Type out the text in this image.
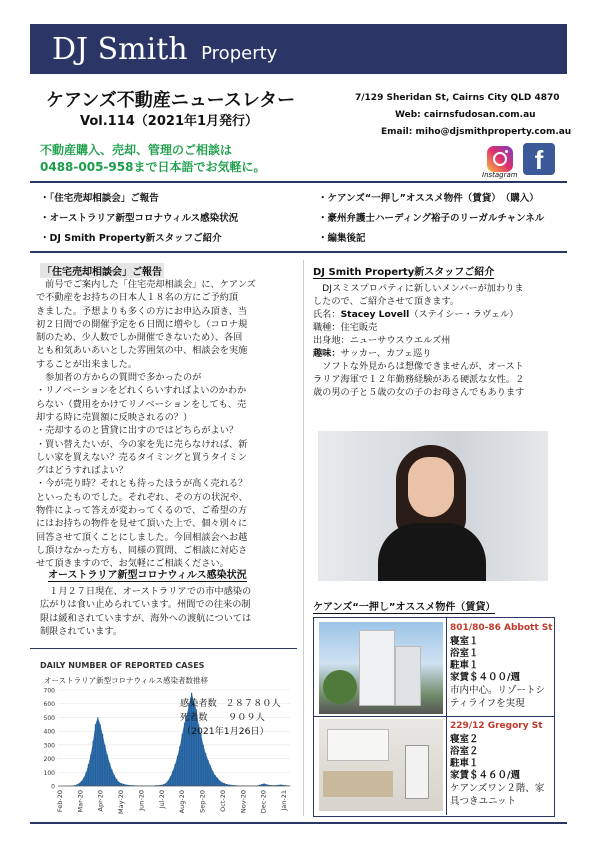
DJ Smith Property
ケアンズ不動産ニュースレター
Vol.114（2021年1月発行）
7/129 Sheridan St, Cairns City QLD 4870
Web: cairnsfudosan.com.au
Email: miho@djsmithproperty.com.au
不動産購入、売却、管理のご相談は
0488-005-958まで日本語でお気軽に。
Instagram f
・「住宅売却相談会」ご報告
・オーストラリア新型コロナウィルス感染状況
・DJ Smith Property新スタッフご紹介
・ケアンズ“一押し”オススメ物件（賃貸）　（購入）
・豪州弁護士ハーディング裕子のリーガルチャンネル
・編集後記
「住宅売却相談会」ご報告

　前号でご案内した「住宅売却相談会」に、ケアンズ

で不動産をお持ちの日本人１８名の方にご予約頂

きました。予想よりも多くの方にお申込み頂き、当

初２日間での開催予定を６日間に増やし（コロナ規

制のため、少人数でしか開催できないため）、各回

とも和気あいあいとした雰囲気の中、相談会を実施

することが出来ました。

　参加者の方からの質問で多かったのが

・リノベーションをどれくらいすればよいのかわか

らない（費用をかけてリノベーションをしても、売

却する時に売買額に反映されるの？）

・売却するのと賃貸に出すのではどちらがよい？

・買い替えたいが、今の家を先に売らなければ、新

しい家を買えない？売るタイミングと買うタイミン

グはどうすればよい？

・今が売り時？それとも待ったほうが高く売れる？

といったものでした。それぞれ、その方の状況や、

物件によって答えが変わってくるので、ご希望の方

にはお持ちの物件を見せて頂いた上で、個々別々に

回答させて頂くことにしました。今回相談会へお越

し頂けなかった方も、同様の質問、ご相談に対応さ

せて頂きますので、お気軽にご相談ください。

オーストラリア新型コロナウィルス感染状況

　１月２７日現在、オーストラリアでの市中感染の

広がりは食い止められています。州間での往来の制

限は緩和されていますが、海外への渡航については

制限されています。

DAILY NUMBER OF REPORTED CASES
オーストラリア新型コロナウィルス感染者数推移
0
100
200
300
400
500
600
700
Feb-20 Mar-20 Apr-20 May-20 Jun-20 Jul-20 Aug-20 Sep-20 Oct-20 Nov-20 Dec-20 Jan-21
感染者数 ２８７８０人
死者数 ９０９人
（2021年1月26日）
DJ Smith Property新スタッフご紹介
　DJスミスプロパティに新しいメンバーが加わりま
したので、ご紹介させて頂きます。
氏名：Stacey Lovell（ステイシー・ラヴェル）
職種：住宅販売
出身地：ニューサウスウエルズ州
趣味：サッカー、カフェ巡り
　ソフトな外見からは想像できませんが、オースト
ラリア海軍で１２年勤務経験がある硬派な女性。２
歳の男の子と５歳の女の子のお母さんでもあります
ケアンズ“一押し”オススメ物件（賃貸）
801/80-86 Abbott St
寝室１
浴室１
駐車１
家賃＄４００/週
市内中心。リゾートシ
ティライフを実現
229/12 Gregory St
寝室２
浴室２
駐車１
家賃＄４６０/週
ケアンズワン２階、家
具つきユニット
